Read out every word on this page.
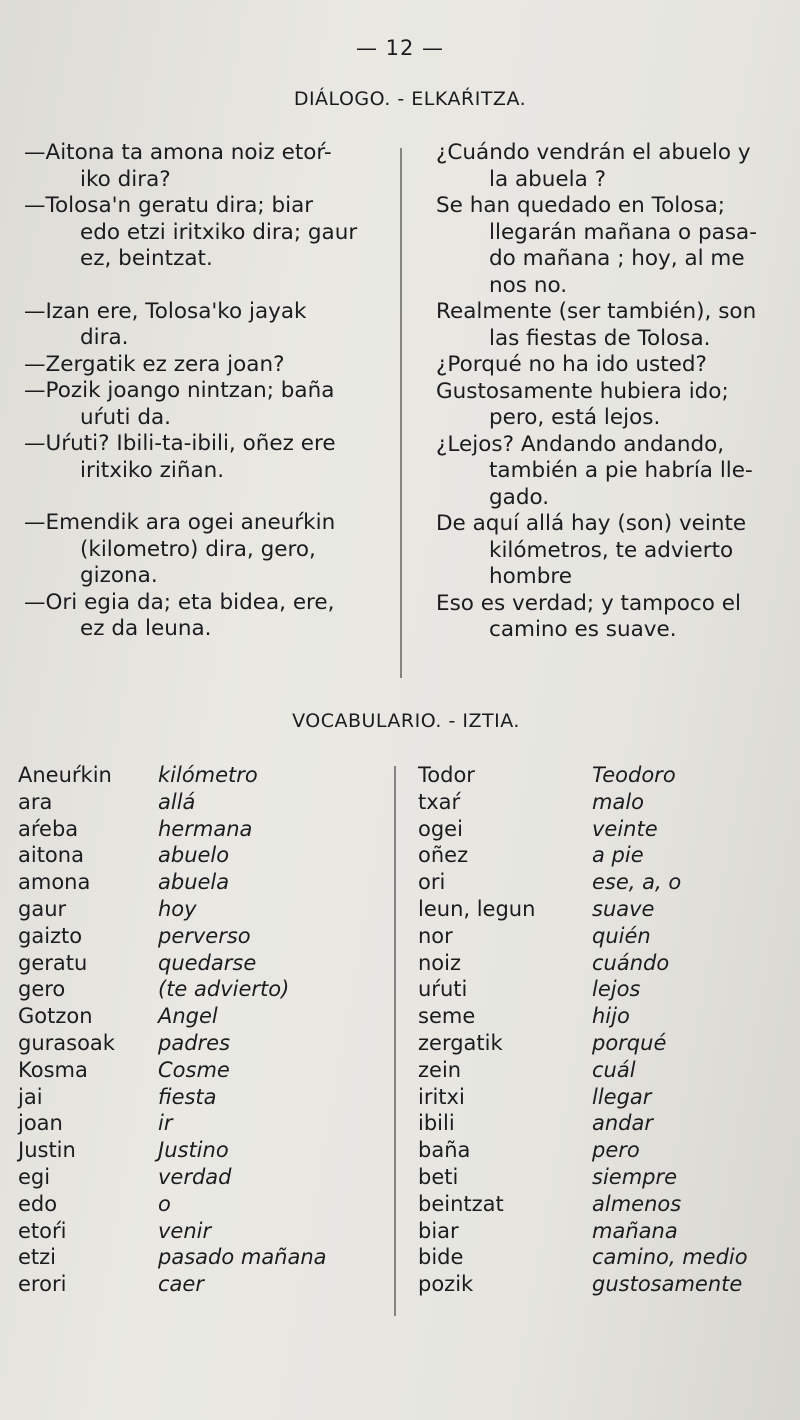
— 12 —
DIÁLOGO. - ELKAŔITZA.
—Aitona ta amona noiz etoŕ-
iko dira?
—Tolosa'n geratu dira; biar
edo etzi iritxiko dira; gaur
ez, beintzat.
—Izan ere, Tolosa'ko jayak
dira.
—Zergatik ez zera joan?
—Pozik joango nintzan; baña
uŕuti da.
—Uŕuti? Ibili-ta-ibili, oñez ere
iritxiko ziñan.
—Emendik ara ogei aneuŕkin
(kilometro) dira, gero,
gizona.
—Ori egia da; eta bidea, ere,
ez da leuna.
¿Cuándo vendrán el abuelo y
la abuela ?
Se han quedado en Tolosa;
llegarán mañana o pasa-
do mañana ; hoy, al me
nos no.
Realmente (ser también), son
las fiestas de Tolosa.
¿Porqué no ha ido usted?
Gustosamente hubiera ido;
pero, está lejos.
¿Lejos? Andando andando,
también a pie habría lle-
gado.
De aquí allá hay (son) veinte
kilómetros, te advierto
hombre
Eso es verdad; y tampoco el
camino es suave.
VOCABULARIO. - IZTIA.
Aneuŕkin
ara
aŕeba
aitona
amona
gaur
gaizto
geratu
gero
Gotzon
gurasoak
Kosma
jai
joan
Justin
egi
edo
etoŕi
etzi
erori
kilómetro
allá
hermana
abuelo
abuela
hoy
perverso
quedarse
(te advierto)
Angel
padres
Cosme
fiesta
ir
Justino
verdad
o
venir
pasado mañana
caer
Todor
txaŕ
ogei
oñez
ori
leun, legun
nor
noiz
uŕuti
seme
zergatik
zein
iritxi
ibili
baña
beti
beintzat
biar
bide
pozik
Teodoro
malo
veinte
a pie
ese, a, o
suave
quién
cuándo
lejos
hijo
porqué
cuál
llegar
andar
pero
siempre
almenos
mañana
camino, medio
gustosamente
